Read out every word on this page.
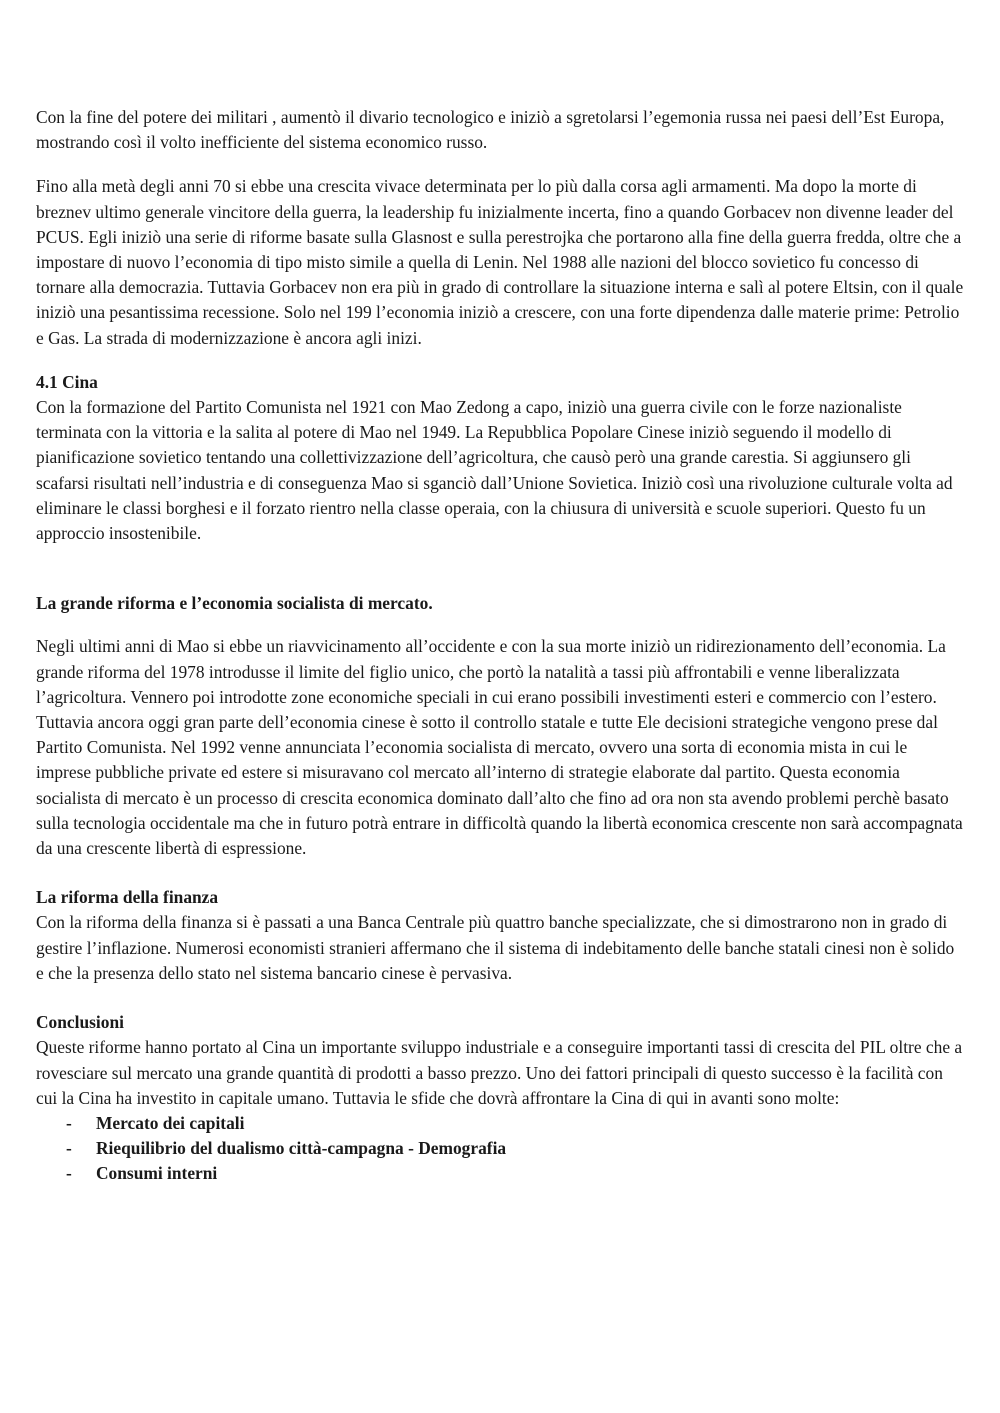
Con la fine del potere dei militari , aumentò il divario tecnologico e iniziò a sgretolarsi l’egemonia russa nei paesi dell’Est Europa, mostrando così il volto inefficiente del sistema economico russo.

Fino alla metà degli anni 70 si ebbe una crescita vivace determinata per lo più dalla corsa agli armamenti. Ma dopo la morte di breznev ultimo generale vincitore della guerra, la leadership fu inizialmente incerta, fino a quando Gorbacev non divenne leader del PCUS. Egli iniziò una serie di riforme basate sulla Glasnost e sulla perestrojka che portarono alla fine della guerra fredda, oltre che a impostare di nuovo l’economia di tipo misto simile a quella di Lenin. Nel 1988 alle nazioni del blocco sovietico fu concesso di tornare alla democrazia. Tuttavia Gorbacev non era più in grado di controllare la situazione interna e salì al potere Eltsin, con il quale iniziò una pesantissima recessione. Solo nel 199 l’economia iniziò a crescere, con una forte dipendenza dalle materie prime: Petrolio e Gas. La strada di modernizzazione è ancora agli inizi.

4.1 Cina

Con la formazione del Partito Comunista nel 1921 con Mao Zedong a capo, iniziò una guerra civile con le forze nazionaliste terminata con la vittoria e la salita al potere di Mao nel 1949. La Repubblica Popolare Cinese iniziò seguendo il modello di pianificazione sovietico tentando una collettivizzazione dell’agricoltura, che causò però una grande carestia. Si aggiunsero gli scafarsi risultati nell’industria e di conseguenza Mao si sganciò dall’Unione Sovietica. Iniziò così una rivoluzione culturale volta ad eliminare le classi borghesi e il forzato rientro nella classe operaia, con la chiusura di università e scuole superiori. Questo fu un approccio insostenibile.

La grande riforma e l’economia socialista di mercato.

Negli ultimi anni di Mao si ebbe un riavvicinamento all’occidente e con la sua morte iniziò un ridirezionamento dell’economia. La grande riforma del 1978 introdusse il limite del figlio unico, che portò la natalità a tassi più affrontabili e venne liberalizzata l’agricoltura. Vennero poi introdotte zone economiche speciali in cui erano possibili investimenti esteri e commercio con l’estero. Tuttavia ancora oggi gran parte dell’economia cinese è sotto il controllo statale e tutte Ele decisioni strategiche vengono prese dal Partito Comunista. Nel 1992 venne annunciata l’economia socialista di mercato, ovvero una sorta di economia mista in cui le imprese pubbliche private ed estere si misuravano col mercato all’interno di strategie elaborate dal partito. Questa economia socialista di mercato è un processo di crescita economica dominato dall’alto che fino ad ora non sta avendo problemi perchè basato sulla tecnologia occidentale ma che in futuro potrà entrare in difficoltà quando la libertà economica crescente non sarà accompagnata da una crescente libertà di espressione.

La riforma della finanza

Con la riforma della finanza si è passati a una Banca Centrale più quattro banche specializzate, che si dimostrarono non in grado di gestire l’inflazione. Numerosi economisti stranieri affermano che il sistema di indebitamento delle banche statali cinesi non è solido e che la presenza dello stato nel sistema bancario cinese è pervasiva.

Conclusioni

Queste riforme hanno portato al Cina un importante sviluppo industriale e a conseguire importanti tassi di crescita del PIL oltre che a rovesciare sul mercato una grande quantità di prodotti a basso prezzo. Uno dei fattori principali di questo successo è la facilità con cui la Cina ha investito in capitale umano. Tuttavia le sfide che dovrà affrontare la Cina di qui in avanti sono molte:

- Mercato dei capitali
- Riequilibrio del dualismo città-campagna - Demografia
- Consumi interni
